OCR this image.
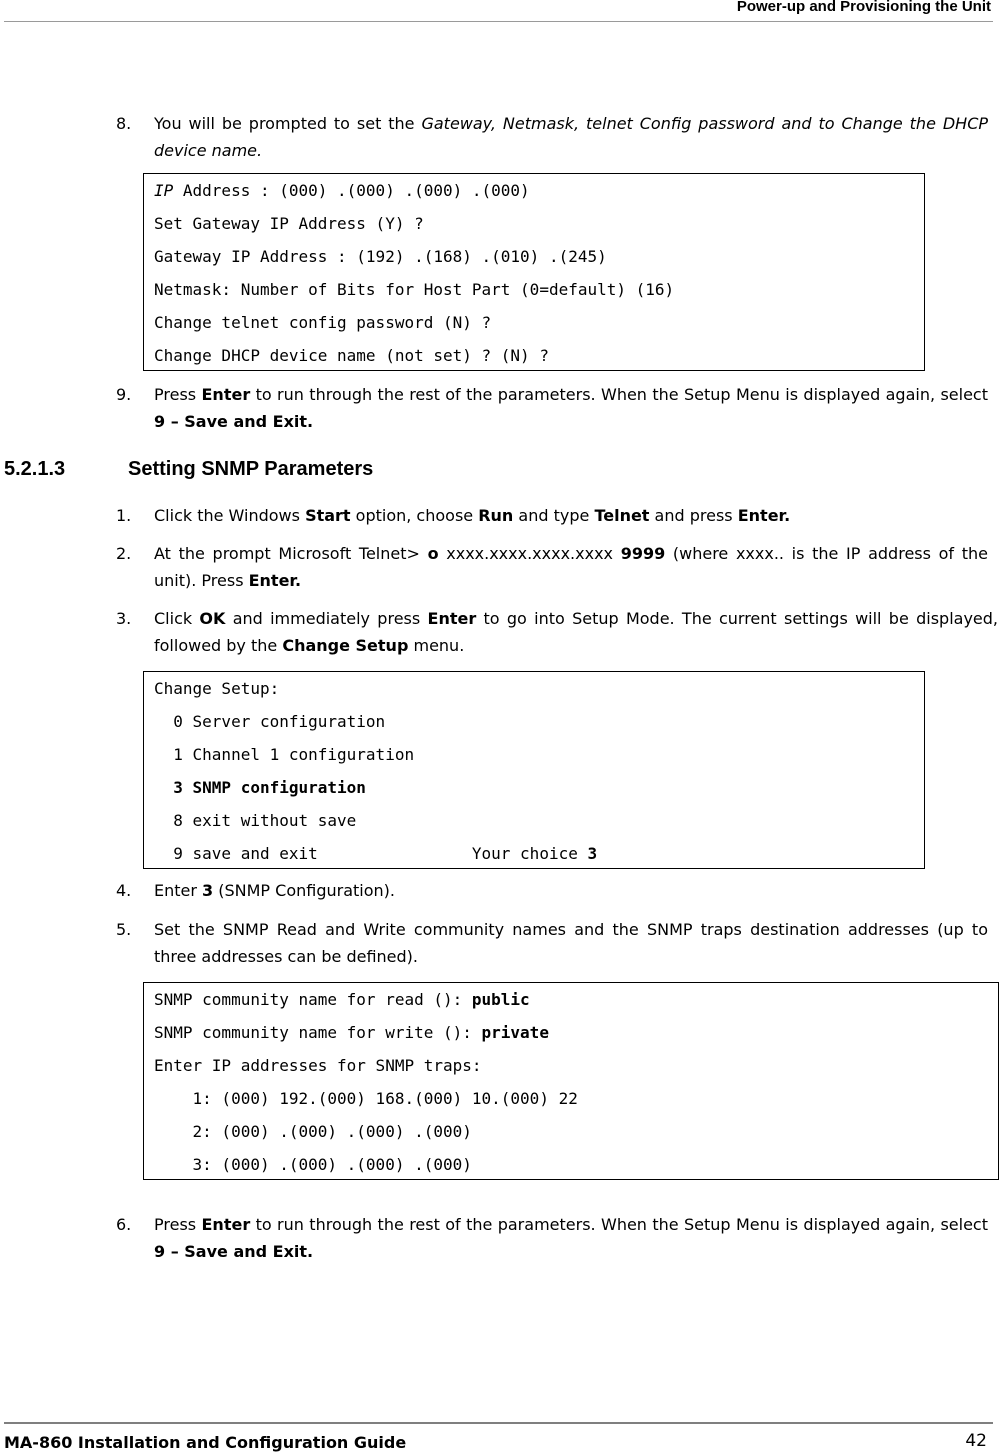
Power-up and Provisioning the Unit
8. You will be prompted to set the Gateway, Netmask, telnet Config password and to Change the DHCP device name.
IP Address : (000) .(000) .(000) .(000)
Set Gateway IP Address (Y) ?
Gateway IP Address : (192) .(168) .(010) .(245)
Netmask: Number of Bits for Host Part (0=default) (16)
Change telnet config password (N) ?
Change DHCP device name (not set) ? (N) ?
9. Press Enter to run through the rest of the parameters. When the Setup Menu is displayed again, select 9 – Save and Exit.
5.2.1.3	Setting SNMP Parameters
1. Click the Windows Start option, choose Run and type Telnet and press Enter.
2. At the prompt Microsoft Telnet> o xxxx.xxxx.xxxx.xxxx 9999 (where xxxx.. is the IP address of the unit). Press Enter.
3. Click OK and immediately press Enter to go into Setup Mode. The current settings will be displayed, followed by the Change Setup menu.
Change Setup:
0 Server configuration
1 Channel 1 configuration
3 SNMP configuration
8 exit without save
9 save and exit                Your choice 3
4. Enter 3 (SNMP Configuration).
5. Set the SNMP Read and Write community names and the SNMP traps destination addresses (up to three addresses can be defined).
SNMP community name for read (): public
SNMP community name for write (): private
Enter IP addresses for SNMP traps:
1: (000) 192.(000) 168.(000) 10.(000) 22
2: (000) .(000) .(000) .(000)
3: (000) .(000) .(000) .(000)
6. Press Enter to run through the rest of the parameters. When the Setup Menu is displayed again, select 9 – Save and Exit.
MA-860 Installation and Configuration Guide	42
